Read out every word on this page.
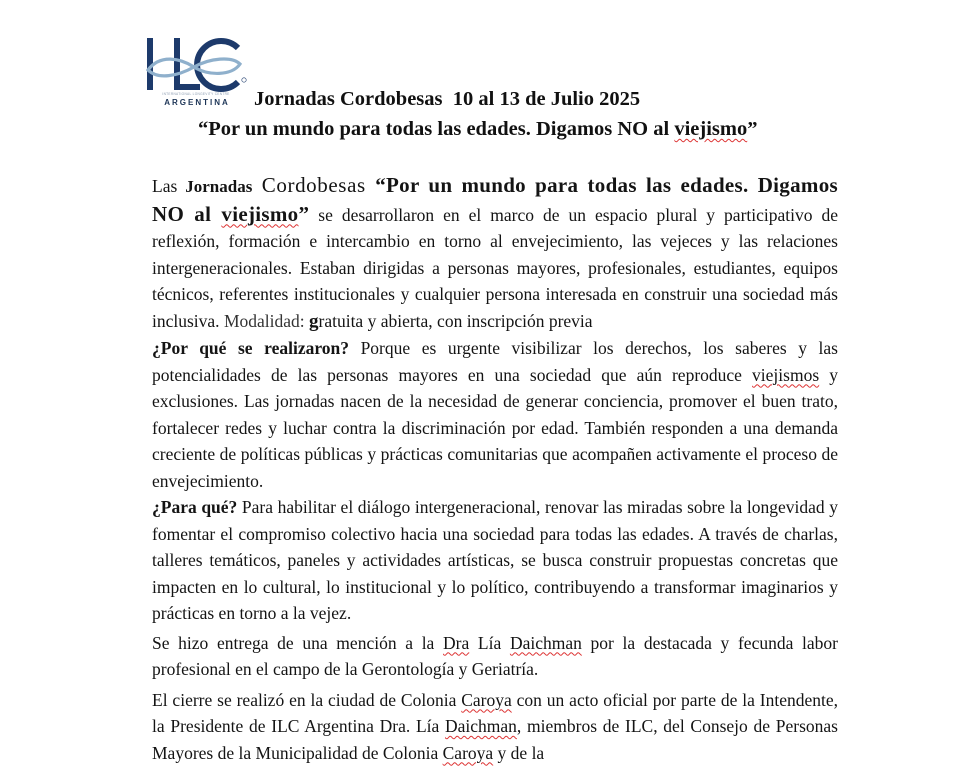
INTERNATIONAL LONGEVITY CENTRE
ARGENTINA	Jornadas Cordobesas  10 al 13 de Julio 2025
“Por un mundo para todas las edades. Digamos NO al viejismo”

Las Jornadas Cordobesas “Por un mundo para todas las edades. Digamos NO al viejismo” se desarrollaron en el marco de un espacio plural y participativo de reflexión, formación e intercambio en torno al envejecimiento, las vejeces y las relaciones intergeneracionales. Estaban dirigidas a personas mayores, profesionales, estudiantes, equipos técnicos, referentes institucionales y cualquier persona interesada en construir una sociedad más inclusiva. Modalidad: gratuita y abierta, con inscripción previa

¿Por qué se realizaron? Porque es urgente visibilizar los derechos, los saberes y las potencialidades de las personas mayores en una sociedad que aún reproduce viejismos y exclusiones. Las jornadas nacen de la necesidad de generar conciencia, promover el buen trato, fortalecer redes y luchar contra la discriminación por edad. También responden a una demanda creciente de políticas públicas y prácticas comunitarias que acompañen activamente el proceso de envejecimiento.

¿Para qué? Para habilitar el diálogo intergeneracional, renovar las miradas sobre la longevidad y fomentar el compromiso colectivo hacia una sociedad para todas las edades. A través de charlas, talleres temáticos, paneles y actividades artísticas, se busca construir propuestas concretas que impacten en lo cultural, lo institucional y lo político, contribuyendo a transformar imaginarios y prácticas en torno a la vejez.

Se hizo entrega de una mención a la Dra Lía Daichman por la destacada y fecunda labor profesional en el campo de la Gerontología y Geriatría.

El cierre se realizó en la ciudad de Colonia Caroya con un acto oficial por parte de la Intendente, la Presidente de ILC Argentina Dra. Lía Daichman, miembros de ILC, del Consejo de Personas Mayores de la Municipalidad de Colonia Caroya y de la
